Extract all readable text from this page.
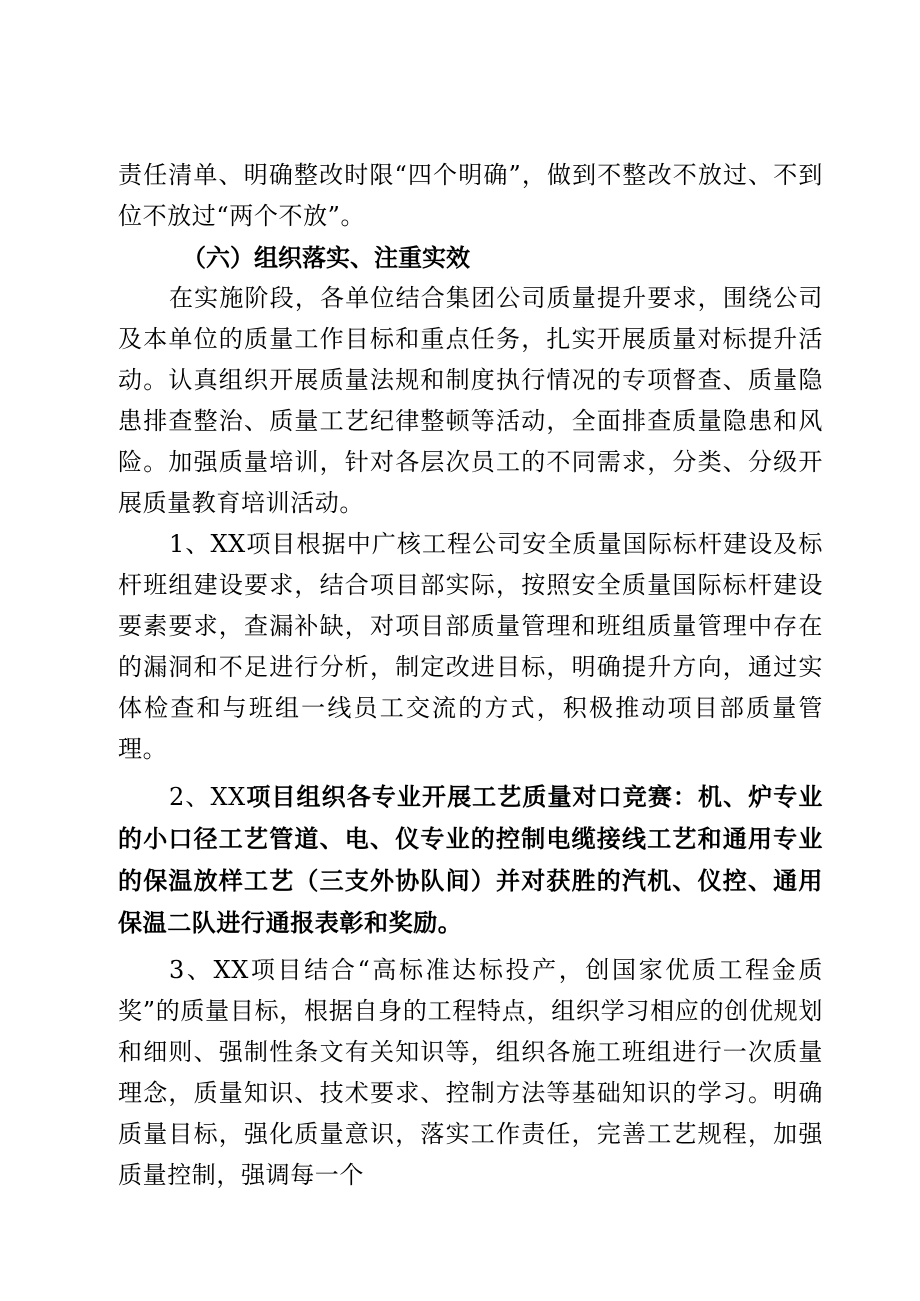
责任清单、明确整改时限“四个明确”，做到不整改不放过、不到位不放过“两个不放”。

（六）组织落实、注重实效

在实施阶段，各单位结合集团公司质量提升要求，围绕公司及本单位的质量工作目标和重点任务，扎实开展质量对标提升活动。认真组织开展质量法规和制度执行情况的专项督查、质量隐患排查整治、质量工艺纪律整顿等活动，全面排查质量隐患和风险。加强质量培训，针对各层次员工的不同需求，分类、分级开展质量教育培训活动。

1、XX项目根据中广核工程公司安全质量国际标杆建设及标杆班组建设要求，结合项目部实际，按照安全质量国际标杆建设要素要求，查漏补缺，对项目部质量管理和班组质量管理中存在的漏洞和不足进行分析，制定改进目标，明确提升方向，通过实体检查和与班组一线员工交流的方式，积极推动项目部质量管理。

2、XX项目组织各专业开展工艺质量对口竞赛：机、炉专业的小口径工艺管道、电、仪专业的控制电缆接线工艺和通用专业的保温放样工艺（三支外协队间）并对获胜的汽机、仪控、通用保温二队进行通报表彰和奖励。

3、XX项目结合“高标准达标投产，创国家优质工程金质奖”的质量目标，根据自身的工程特点，组织学习相应的创优规划和细则、强制性条文有关知识等，组织各施工班组进行一次质量理念，质量知识、技术要求、控制方法等基础知识的学习。明确质量目标，强化质量意识，落实工作责任，完善工艺规程，加强质量控制，强调每一个
